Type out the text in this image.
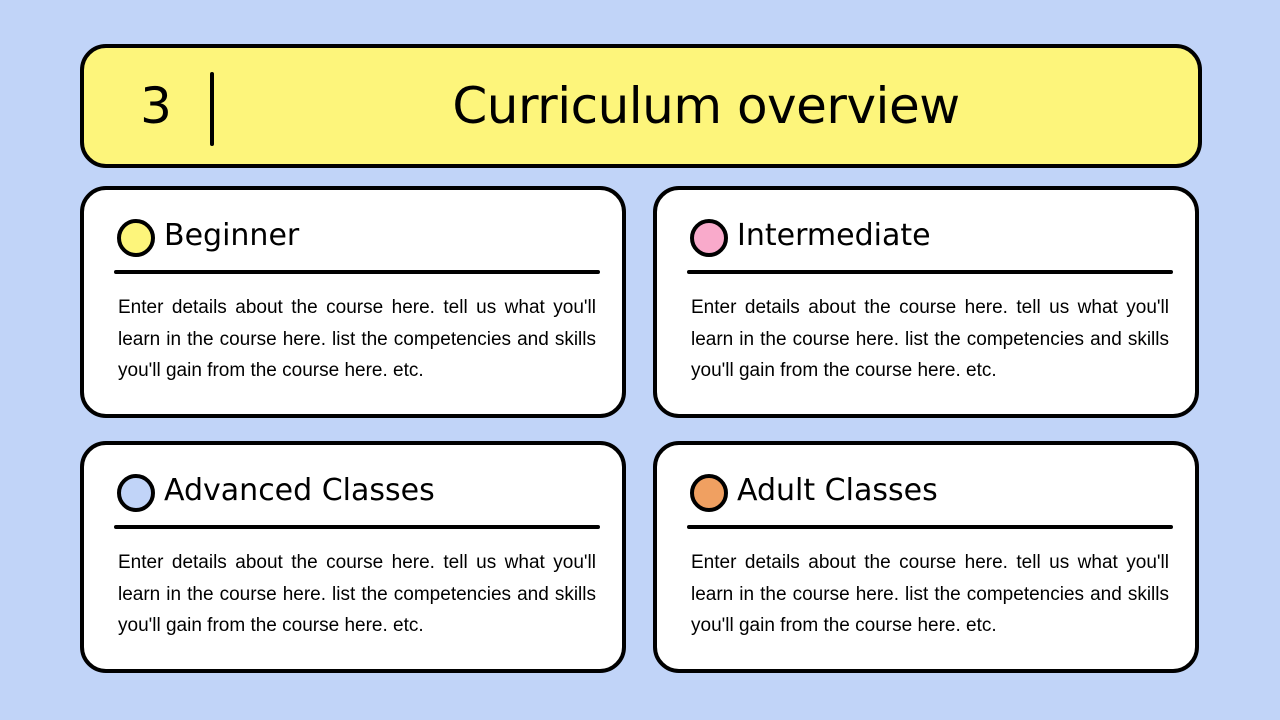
3	Curriculum overview
Beginner
Enter details about the course here. tell us what you'll learn in the course here. list the competencies and skills you'll gain from the course here. etc.
Intermediate
Enter details about the course here. tell us what you'll learn in the course here. list the competencies and skills you'll gain from the course here. etc.
Advanced Classes
Enter details about the course here. tell us what you'll learn in the course here. list the competencies and skills you'll gain from the course here. etc.
Adult Classes
Enter details about the course here. tell us what you'll learn in the course here. list the competencies and skills you'll gain from the course here. etc.
